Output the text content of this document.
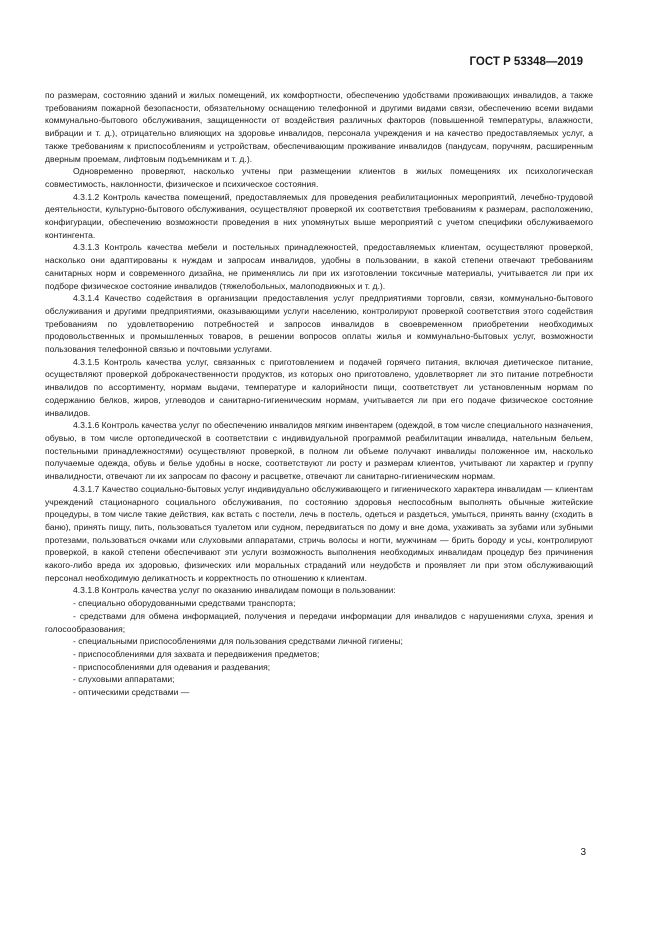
ГОСТ Р 53348—2019

по размерам, состоянию зданий и жилых помещений, их комфортности, обеспечению удобствами проживающих инвалидов, а также требованиям пожарной безопасности, обязательному оснащению телефонной и другими видами связи, обеспечению всеми видами коммунально-бытового обслуживания, защищенности от воздействия различных факторов (повышенной температуры, влажности, вибрации и т. д.), отрицательно влияющих на здоровье инвалидов, персонала учреждения и на качество предоставляемых услуг, а также требованиям к приспособлениям и устройствам, обеспечивающим проживание инвалидов (пандусам, поручням, расширенным дверным проемам, лифтовым подъемникам и т. д.).

Одновременно проверяют, насколько учтены при размещении клиентов в жилых помещениях их психологическая совместимость, наклонности, физическое и психическое состояния.

4.3.1.2 Контроль качества помещений, предоставляемых для проведения реабилитационных мероприятий, лечебно-трудовой деятельности, культурно-бытового обслуживания, осуществляют проверкой их соответствия требованиям к размерам, расположению, конфигурации, обеспечению возможности проведения в них упомянутых выше мероприятий с учетом специфики обслуживаемого контингента.

4.3.1.3 Контроль качества мебели и постельных принадлежностей, предоставляемых клиентам, осуществляют проверкой, насколько они адаптированы к нуждам и запросам инвалидов, удобны в пользовании, в какой степени отвечают требованиям санитарных норм и современного дизайна, не применялись ли при их изготовлении токсичные материалы, учитывается ли при их подборе физическое состояние инвалидов (тяжелобольных, малоподвижных и т. д.).

4.3.1.4 Качество содействия в организации предоставления услуг предприятиями торговли, связи, коммунально-бытового обслуживания и другими предприятиями, оказывающими услуги населению, контролируют проверкой соответствия этого содействия требованиям по удовлетворению потребностей и запросов инвалидов в своевременном приобретении необходимых продовольственных и промышленных товаров, в решении вопросов оплаты жилья и коммунально-бытовых услуг, возможности пользования телефонной связью и почтовыми услугами.

4.3.1.5 Контроль качества услуг, связанных с приготовлением и подачей горячего питания, включая диетическое питание, осуществляют проверкой доброкачественности продуктов, из которых оно приготовлено, удовлетворяет ли это питание потребности инвалидов по ассортименту, нормам выдачи, температуре и калорийности пищи, соответствует ли установленным нормам по содержанию белков, жиров, углеводов и санитарно-гигиеническим нормам, учитывается ли при его подаче физическое состояние инвалидов.

4.3.1.6 Контроль качества услуг по обеспечению инвалидов мягким инвентарем (одеждой, в том числе специального назначения, обувью, в том числе ортопедической в соответствии с индивидуальной программой реабилитации инвалида, нательным бельем, постельными принадлежностями) осуществляют проверкой, в полном ли объеме получают инвалиды положенное им, насколько получаемые одежда, обувь и белье удобны в носке, соответствуют ли росту и размерам клиентов, учитывают ли характер и группу инвалидности, отвечают ли их запросам по фасону и расцветке, отвечают ли санитарно-гигиеническим нормам.

4.3.1.7 Качество социально-бытовых услуг индивидуально обслуживающего и гигиенического характера инвалидам — клиентам учреждений стационарного социального обслуживания, по состоянию здоровья неспособным выполнять обычные житейские процедуры, в том числе такие действия, как встать с постели, лечь в постель, одеться и раздеться, умыться, принять ванну (сходить в баню), принять пищу, пить, пользоваться туалетом или судном, передвигаться по дому и вне дома, ухаживать за зубами или зубными протезами, пользоваться очками или слуховыми аппаратами, стричь волосы и ногти, мужчинам — брить бороду и усы, контролируют проверкой, в какой степени обеспечивают эти услуги возможность выполнения необходимых инвалидам процедур без причинения какого-либо вреда их здоровью, физических или моральных страданий или неудобств и проявляет ли при этом обслуживающий персонал необходимую деликатность и корректность по отношению к клиентам.

4.3.1.8 Контроль качества услуг по оказанию инвалидам помощи в пользовании:

- специально оборудованными средствами транспорта;

- средствами для обмена информацией, получения и передачи информации для инвалидов с нарушениями слуха, зрения и голосообразования;

- специальными приспособлениями для пользования средствами личной гигиены;

- приспособлениями для захвата и передвижения предметов;

- приспособлениями для одевания и раздевания;

- слуховыми аппаратами;

- оптическими средствами —

3
